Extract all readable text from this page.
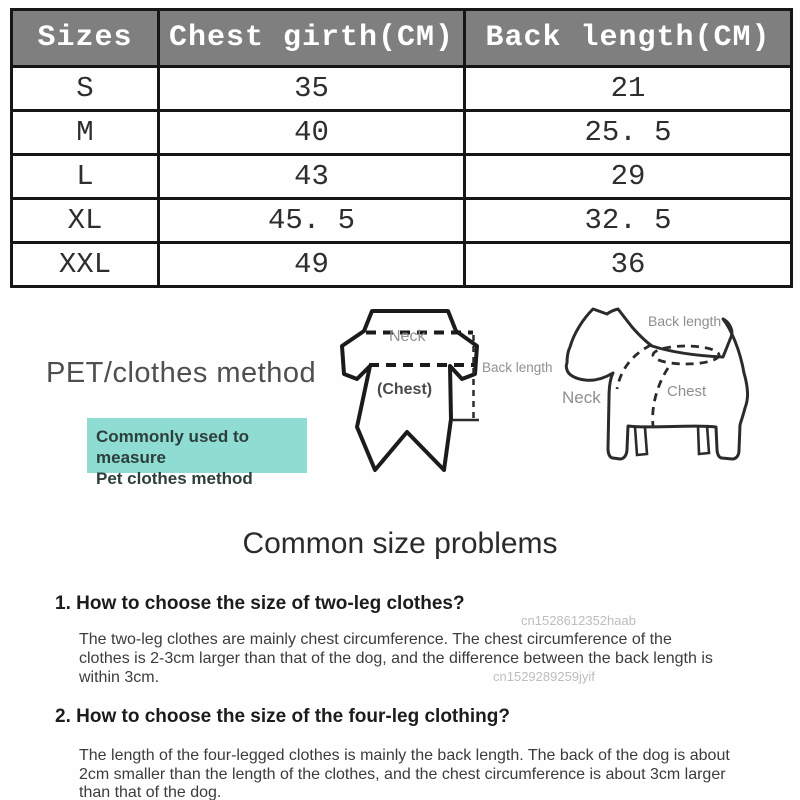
Sizes	Chest girth(CM)	Back length(CM)
S	35	21
M	40	25. 5
L	43	29
XL	45. 5	32. 5
XXL	49	36
PET/clothes method
Commonly used to measure
Pet clothes method
Neck
(Chest)
Back length
Back length
Neck	Chest
Common size problems
1. How to choose the size of two-leg clothes?
cn1528612352haab
The two-leg clothes are mainly chest circumference. The chest circumference of the
clothes is 2-3cm larger than that of the dog, and the difference between the back length is
within 3cm.	cn1529289259jyif
2. How to choose the size of the four-leg clothing?
The length of the four-legged clothes is mainly the back length. The back of the dog is about
2cm smaller than the length of the clothes, and the chest circumference is about 3cm larger
than that of the dog.
